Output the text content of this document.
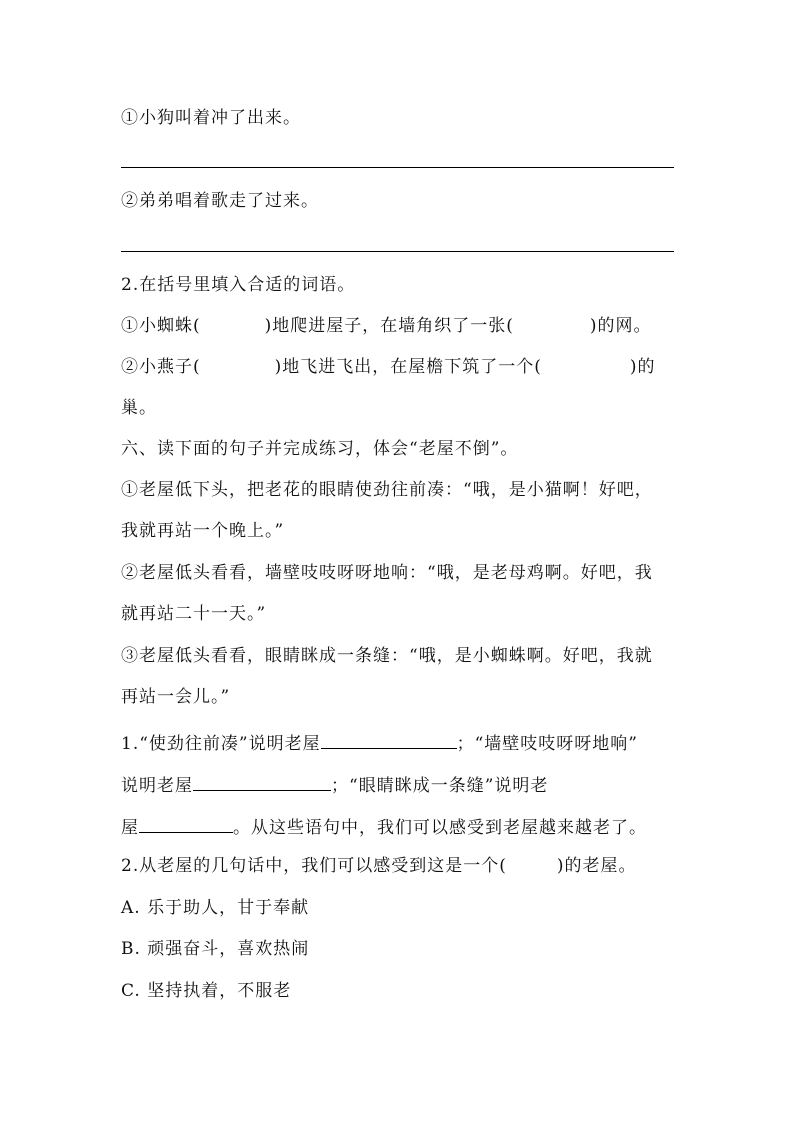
①小狗叫着冲了出来。
②弟弟唱着歌走了过来。
2.在括号里填入合适的词语。
①小蜘蛛(	)地爬进屋子，在墙角织了一张(	)的网。
②小燕子(	)地飞进飞出，在屋檐下筑了一个(	)的
巢。
六、读下面的句子并完成练习，体会“老屋不倒”。
①老屋低下头，把老花的眼睛使劲往前凑：“哦，是小猫啊！好吧，
我就再站一个晚上。”
②老屋低头看看，墙壁吱吱呀呀地响：“哦，是老母鸡啊。好吧，我
就再站二十一天。”
③老屋低头看看，眼睛眯成一条缝：“哦，是小蜘蛛啊。好吧，我就
再站一会儿。”
1.“使劲往前凑”说明老屋	；“墙壁吱吱呀呀地响”
说明老屋	；“眼睛眯成一条缝”说明老
屋	。从这些语句中，我们可以感受到老屋越来越老了。
2.从老屋的几句话中，我们可以感受到这是一个(	)的老屋。
A. 乐于助人，甘于奉献
B. 顽强奋斗，喜欢热闹
C. 坚持执着，不服老
